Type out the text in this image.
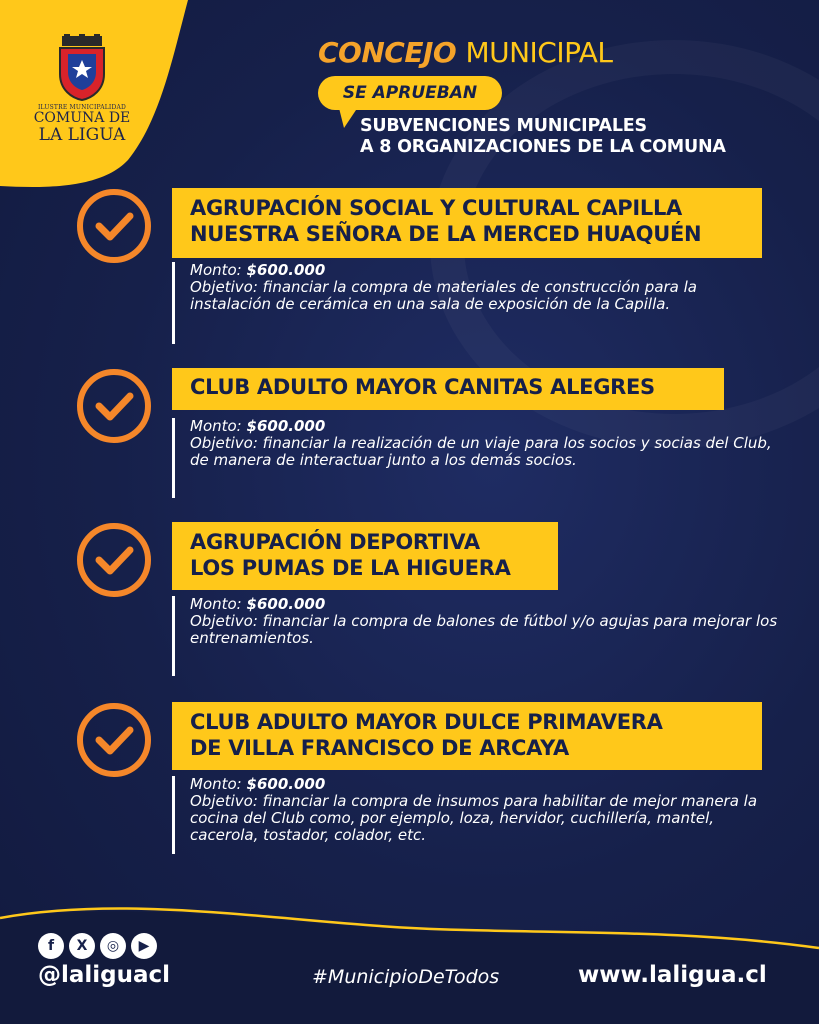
ILUSTRE MUNICIPALIDAD
COMUNA DE
LA LIGUA
CONCEJO MUNICIPAL
SE APRUEBAN
SUBVENCIONES MUNICIPALES
A 8 ORGANIZACIONES DE LA COMUNA
AGRUPACIÓN SOCIAL Y CULTURAL CAPILLA
NUESTRA SEÑORA DE LA MERCED HUAQUÉN

Monto: $600.000

Objetivo: financiar la compra de materiales de construcción para la instalación de cerámica en una sala de exposición de la Capilla.

CLUB ADULTO MAYOR CANITAS ALEGRES

Monto: $600.000

Objetivo: financiar la realización de un viaje para los socios y socias del Club, de manera de interactuar junto a los demás socios.

AGRUPACIÓN DEPORTIVA
LOS PUMAS DE LA HIGUERA

Monto: $600.000

Objetivo: financiar la compra de balones de fútbol y/o agujas para mejorar los entrenamientos.

CLUB ADULTO MAYOR DULCE PRIMAVERA
DE VILLA FRANCISCO DE ARCAYA

Monto: $600.000

Objetivo: financiar la compra de insumos para habilitar de mejor manera la cocina del Club como, por ejemplo, loza, hervidor, cuchillería, mantel, cacerola, tostador, colador, etc.

f	X	◎	▶
@laliguacl	#MunicipioDeTodos	www.laligua.cl
